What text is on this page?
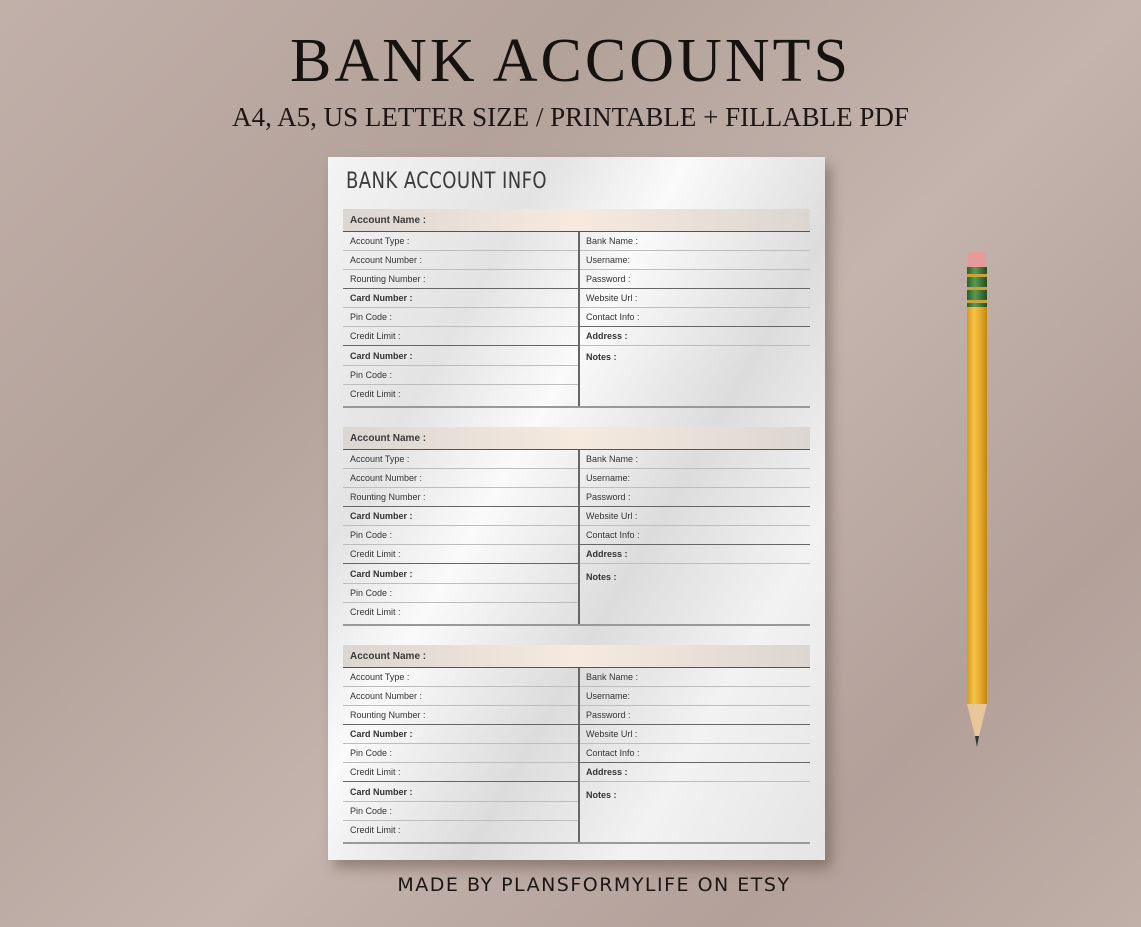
BANK ACCOUNTS

A4, A5, US LETTER SIZE / PRINTABLE + FILLABLE PDF

BANK ACCOUNT INFO
Account Name :
Account Type :
Account Number :
Rounting Number :
Card Number :
Pin Code :
Credit Limit :
Card Number :
Pin Code :
Credit Limit :
Bank Name :
Username:
Password :
Website Url :
Contact Info :
Address :
Notes :
Account Name :
Account Type :
Account Number :
Rounting Number :
Card Number :
Pin Code :
Credit Limit :
Card Number :
Pin Code :
Credit Limit :
Bank Name :
Username:
Password :
Website Url :
Contact Info :
Address :
Notes :
Account Name :
Account Type :
Account Number :
Rounting Number :
Card Number :
Pin Code :
Credit Limit :
Card Number :
Pin Code :
Credit Limit :
Bank Name :
Username:
Password :
Website Url :
Contact Info :
Address :
Notes :
MADE BY PLANSFORMYLIFE ON ETSY
